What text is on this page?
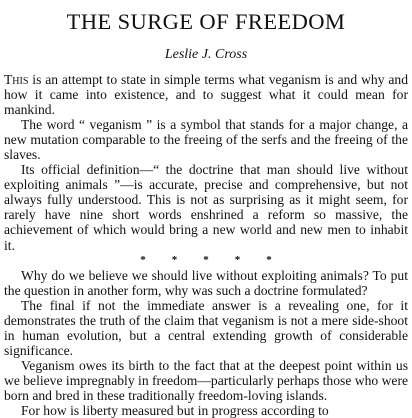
THE SURGE OF FREEDOM

Leslie J. Cross

This is an attempt to state in simple terms what veganism is and why and how it came into existence, and to suggest what it could mean for mankind.

The word “ veganism ” is a symbol that stands for a major change, a new mutation comparable to the freeing of the serfs and the freeing of the slaves.

Its official definition—“ the doctrine that man should live without exploiting animals ”—is accurate, precise and comprehensive, but not always fully understood. This is not as surprising as it might seem, for rarely have nine short words enshrined a reform so massive, the achievement of which would bring a new world and new men to inhabit it.

* * * * *

Why do we believe we should live without exploiting animals? To put the question in another form, why was such a doctrine formulated?

The final if not the immediate answer is a revealing one, for it demonstrates the truth of the claim that veganism is not a mere side-shoot in human evolution, but a central extending growth of considerable significance.

Veganism owes its birth to the fact that at the deepest point within us we believe impregnably in freedom—particularly perhaps those who were born and bred in these traditionally freedom-loving islands.

For how is liberty measured but in progress according to
